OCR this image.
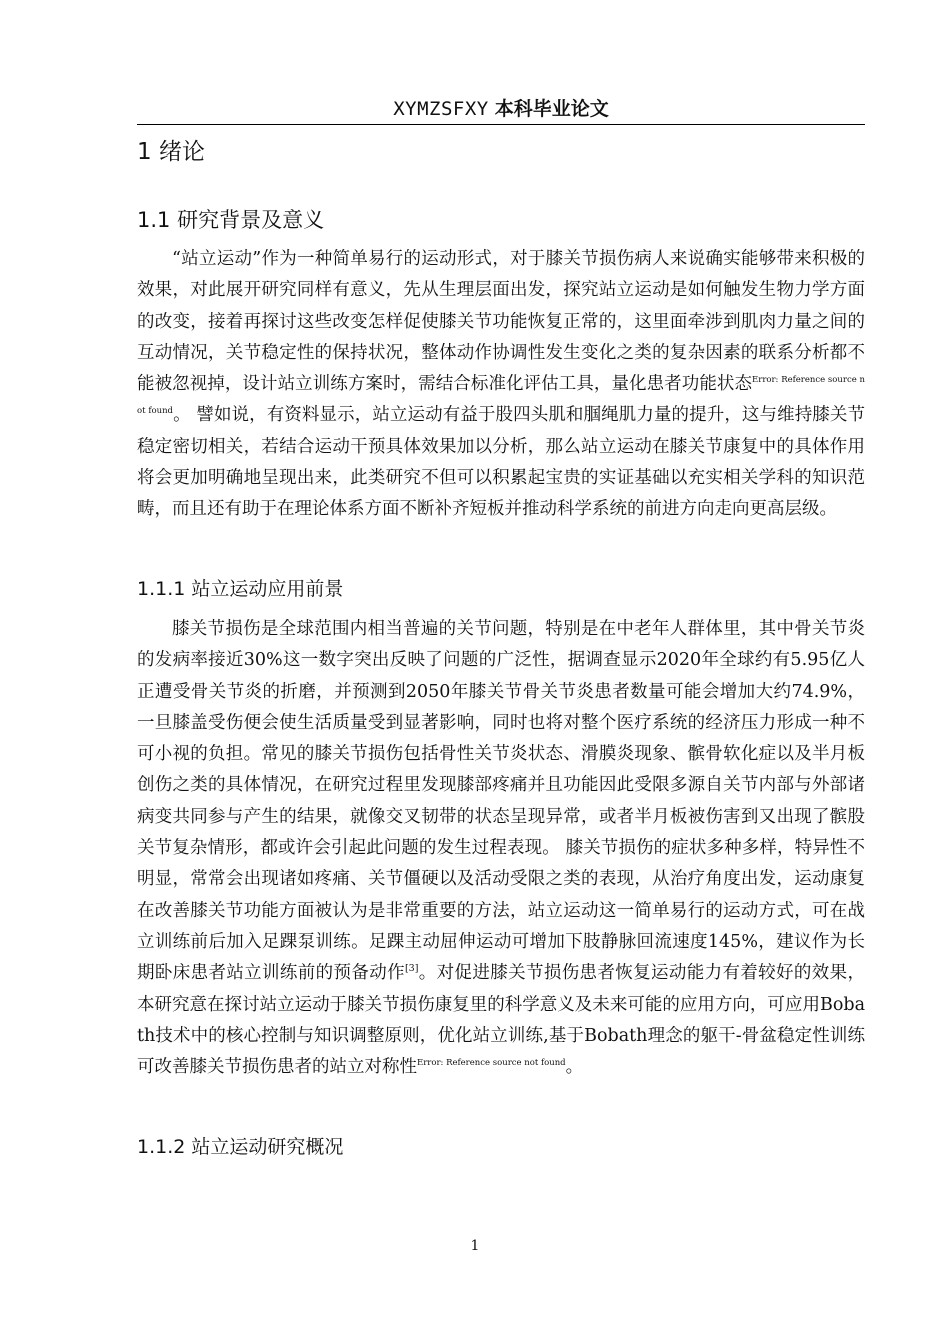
XYMZSFXY 本科毕业论文
1 绪论
1.1 研究背景及意义

“站立运动”作为一种简单易行的运动形式，对于膝关节损伤病人来说确实能够带来积极的效果，对此展开研究同样有意义，先从生理层面出发，探究站立运动是如何触发生物力学方面的改变，接着再探讨这些改变怎样促使膝关节功能恢复正常的，这里面牵涉到肌肉力量之间的互动情况，关节稳定性的保持状况，整体动作协调性发生变化之类的复杂因素的联系分析都不能被忽视掉，设计站立训练方案时，需结合标准化评估工具，量化患者功能状态$^{Error: Reference source not found}$。 譬如说，有资料显示，站立运动有益于股四头肌和腘绳肌力量的提升，这与维持膝关节稳定密切相关，若结合运动干预具体效果加以分析，那么站立运动在膝关节康复中的具体作用将会更加明确地呈现出来，此类研究不但可以积累起宝贵的实证基础以充实相关学科的知识范畴，而且还有助于在理论体系方面不断补齐短板并推动科学系统的前进方向走向更高层级。

1.1.1 站立运动应用前景

膝关节损伤是全球范围内相当普遍的关节问题，特别是在中老年人群体里，其中骨关节炎的发病率接近30%这一数字突出反映了问题的广泛性，据调查显示2020年全球约有5.95亿人正遭受骨关节炎的折磨，并预测到2050年膝关节骨关节炎患者数量可能会增加大约74.9%，一旦膝盖受伤便会使生活质量受到显著影响，同时也将对整个医疗系统的经济压力形成一种不可小视的负担。常见的膝关节损伤包括骨性关节炎状态、滑膜炎现象、髌骨软化症以及半月板创伤之类的具体情况，在研究过程里发现膝部疼痛并且功能因此受限多源自关节内部与外部诸病变共同参与产生的结果，就像交叉韧带的状态呈现异常，或者半月板被伤害到又出现了髌股关节复杂情形，都或许会引起此问题的发生过程表现。 膝关节损伤的症状多种多样，特异性不明显，常常会出现诸如疼痛、关节僵硬以及活动受限之类的表现，从治疗角度出发，运动康复在改善膝关节功能方面被认为是非常重要的方法，站立运动这一简单易行的运动方式，可在战立训练前后加入足踝泵训练。足踝主动屈伸运动可增加下肢静脉回流速度145%，建议作为长期卧床患者站立训练前的预备动作[3]。对促进膝关节损伤患者恢复运动能力有着较好的效果，本研究意在探讨站立运动于膝关节损伤康复里的科学意义及未来可能的应用方向，可应用Bobath技术中的核心控制与知识调整原则，优化站立训练,基于Bobath理念的躯干-骨盆稳定性训练可改善膝关节损伤患者的站立对称性$^{Error: Reference source not found}$。

1.1.2 站立运动研究概况
1
